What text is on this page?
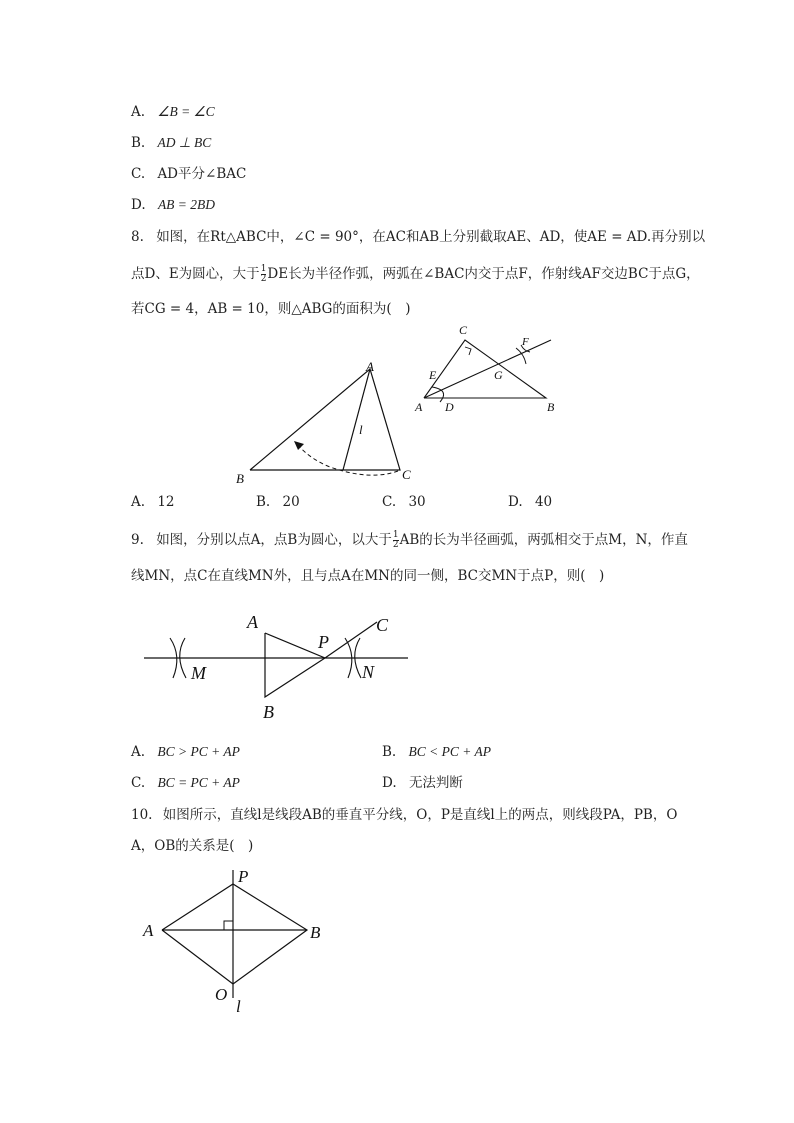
A. ∠B = ∠C
B. AD ⊥ BC
C. AD平分∠BAC
D. AB = 2BD
8. 如图，在Rt△ABC中，∠C = 90°，在AC和AB上分别截取AE、AD，使AE = AD.再分别以
点D、E为圆心，大于 $\frac{1}{2}$ DE长为半径作弧，两弧在∠BAC内交于点F，作射线AF交边BC于点G，
若CG = 4，AB = 10，则△ABG的面积为(　)
A
B	C
l
C
E
A D	B
G
F
A. 12	B. 20	C. 30	D. 40
9. 如图，分别以点A，点B为圆心，以大于 $\frac{1}{2}$ AB的长为半径画弧，两弧相交于点M，N，作直
线MN，点C在直线MN外，且与点A在MN的同一侧，BC交MN于点P，则(　)
A
B
P
C
M	N
A. BC > PC + AP	B. BC < PC + AP
C. BC = PC + AP	D. 无法判断
10. 如图所示，直线l是线段AB的垂直平分线，O，P是直线l上的两点，则线段PA，PB，O
A，OB的关系是(　)
P
A	B
O
l
